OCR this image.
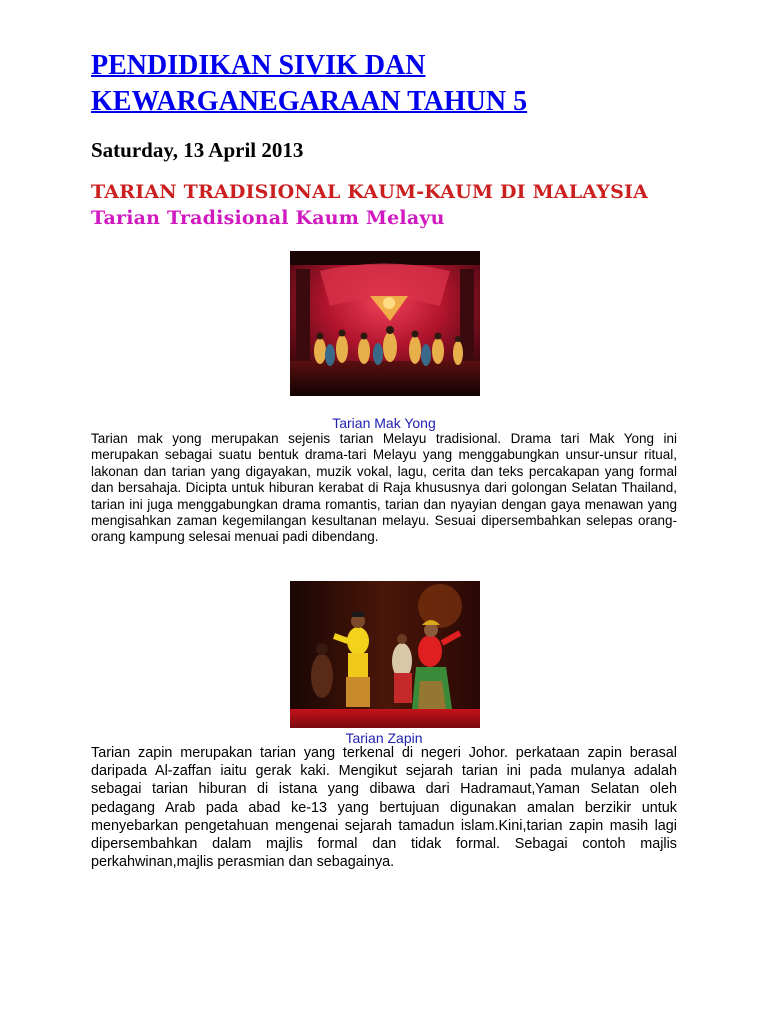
PENDIDIKAN SIVIK DAN KEWARGANEGARAAN TAHUN 5
Saturday, 13 April 2013
TARIAN TRADISIONAL KAUM-KAUM DI MALAYSIA
Tarian Tradisional Kaum Melayu

Tarian Mak Yong

Tarian mak yong merupakan sejenis tarian Melayu tradisional. Drama tari Mak Yong ini merupakan sebagai suatu bentuk drama-tari Melayu yang menggabungkan unsur-unsur ritual, lakonan dan tarian yang digayakan, muzik vokal, lagu, cerita dan teks percakapan yang formal dan bersahaja. Dicipta untuk hiburan kerabat di Raja khususnya dari golongan Selatan Thailand, tarian ini juga menggabungkan drama romantis, tarian dan nyayian dengan gaya menawan yang mengisahkan zaman kegemilangan kesultanan melayu. Sesuai dipersembahkan selepas orang-orang kampung selesai menuai padi dibendang.

Tarian Zapin

Tarian zapin merupakan tarian yang terkenal di negeri Johor. perkataan zapin berasal daripada Al-zaffan iaitu gerak kaki. Mengikut sejarah tarian ini pada mulanya adalah sebagai tarian hiburan di istana yang dibawa dari Hadramaut,Yaman Selatan oleh pedagang Arab pada abad ke-13 yang bertujuan digunakan amalan berzikir untuk menyebarkan pengetahuan mengenai sejarah tamadun islam.Kini,tarian zapin masih lagi dipersembahkan dalam majlis formal dan tidak formal. Sebagai contoh majlis perkahwinan,majlis perasmian dan sebagainya.
